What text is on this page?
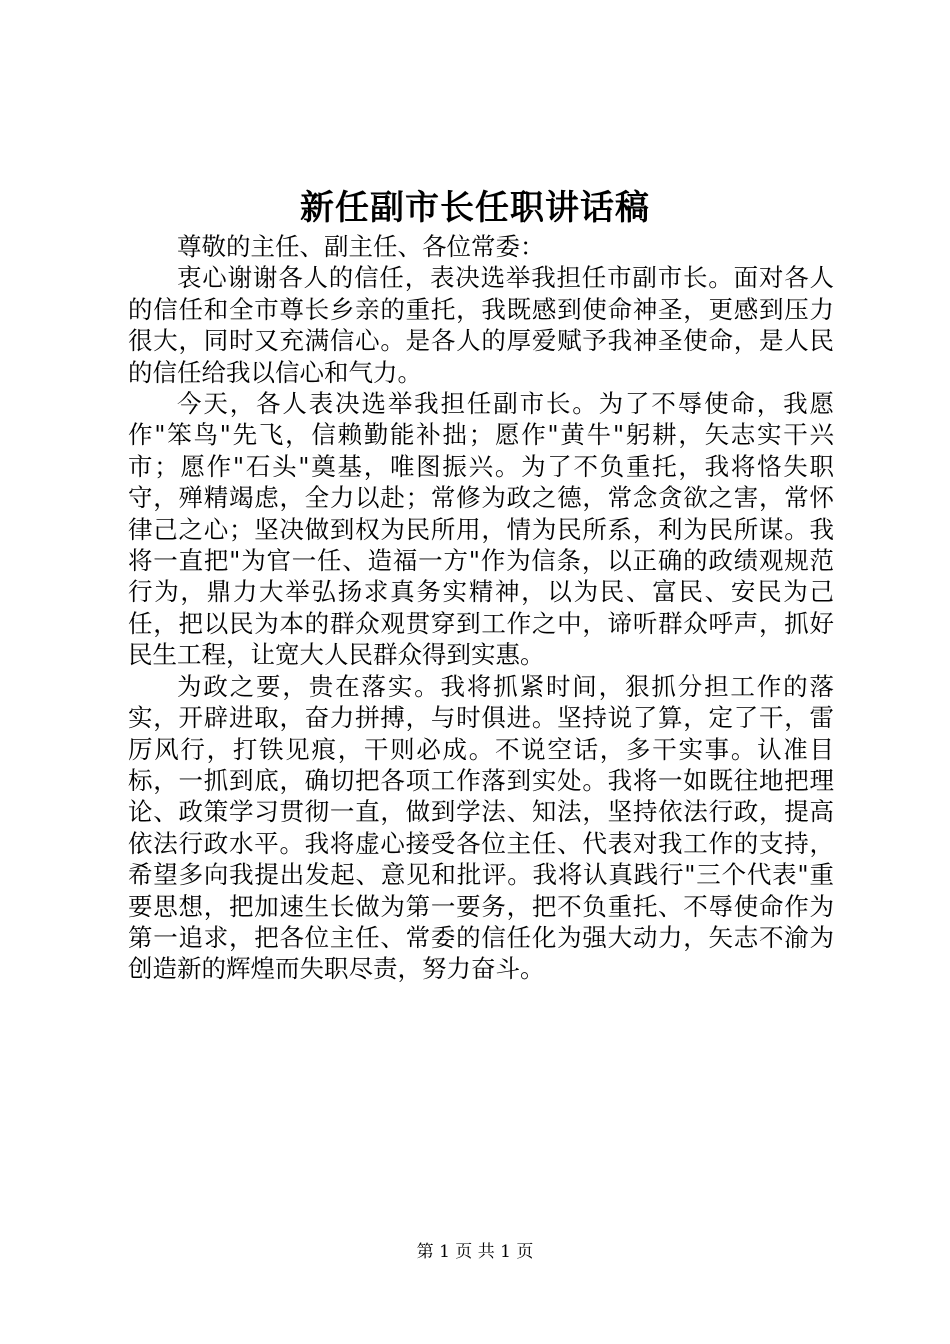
新任副市长任职讲话稿

尊敬的主任、副主任、各位常委：

衷心谢谢各人的信任，表决选举我担任市副市长。面对各人的信任和全市尊长乡亲的重托，我既感到使命神圣，更感到压力很大，同时又充满信心。是各人的厚爱赋予我神圣使命，是人民的信任给我以信心和气力。

今天，各人表决选举我担任副市长。为了不辱使命，我愿作"笨鸟"先飞，信赖勤能补拙；愿作"黄牛"躬耕，矢志实干兴市；愿作"石头"奠基，唯图振兴。为了不负重托，我将恪失职守，殚精竭虑，全力以赴；常修为政之德，常念贪欲之害，常怀律己之心；坚决做到权为民所用，情为民所系，利为民所谋。我将一直把"为官一任、造福一方"作为信条，以正确的政绩观规范行为，鼎力大举弘扬求真务实精神，以为民、富民、安民为己任，把以民为本的群众观贯穿到工作之中，谛听群众呼声，抓好民生工程，让宽大人民群众得到实惠。

为政之要，贵在落实。我将抓紧时间，狠抓分担工作的落实，开辟进取，奋力拼搏，与时俱进。坚持说了算，定了干，雷厉风行，打铁见痕，干则必成。不说空话，多干实事。认准目标，一抓到底，确切把各项工作落到实处。我将一如既往地把理论、政策学习贯彻一直，做到学法、知法，坚持依法行政，提高依法行政水平。我将虚心接受各位主任、代表对我工作的支持，希望多向我提出发起、意见和批评。我将认真践行"三个代表"重要思想，把加速生长做为第一要务，把不负重托、不辱使命作为第一追求，把各位主任、常委的信任化为强大动力，矢志不渝为创造新的辉煌而失职尽责，努力奋斗。

第 1 页 共 1 页
